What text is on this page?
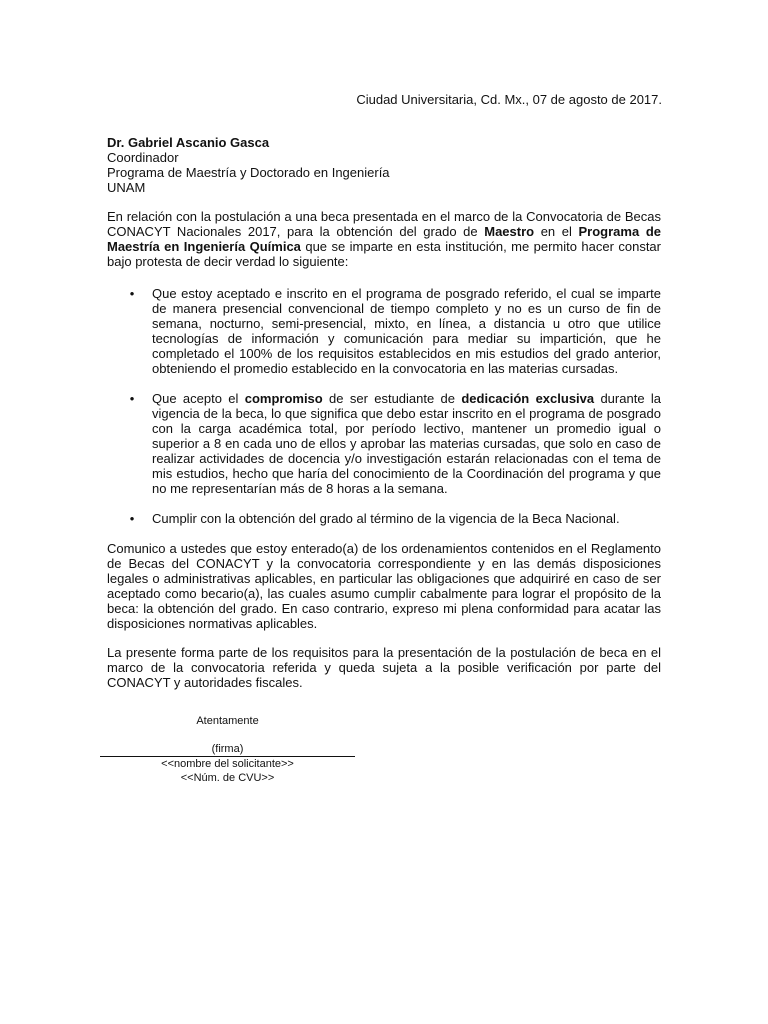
Ciudad Universitaria, Cd. Mx., 07 de agosto de 2017.
Dr. Gabriel Ascanio Gasca
Coordinador
Programa de Maestría y Doctorado en Ingeniería
UNAM
En relación con la postulación a una beca presentada en el marco de la Convocatoria de Becas CONACYT Nacionales 2017, para la obtención del grado de Maestro en el Programa de Maestría en Ingeniería Química que se imparte en esta institución, me permito hacer constar bajo protesta de decir verdad lo siguiente:
• Que estoy aceptado e inscrito en el programa de posgrado referido, el cual se imparte de manera presencial convencional de tiempo completo y no es un curso de fin de semana, nocturno, semi-presencial, mixto, en línea, a distancia u otro que utilice tecnologías de información y comunicación para mediar su impartición, que he completado el 100% de los requisitos establecidos en mis estudios del grado anterior, obteniendo el promedio establecido en la convocatoria en las materias cursadas.
• Que acepto el compromiso de ser estudiante de dedicación exclusiva durante la vigencia de la beca, lo que significa que debo estar inscrito en el programa de posgrado con la carga académica total, por período lectivo, mantener un promedio igual o superior a 8 en cada uno de ellos y aprobar las materias cursadas, que solo en caso de realizar actividades de docencia y/o investigación estarán relacionadas con el tema de mis estudios, hecho que haría del conocimiento de la Coordinación del programa y que no me representarían más de 8 horas a la semana.
• Cumplir con la obtención del grado al término de la vigencia de la Beca Nacional.
Comunico a ustedes que estoy enterado(a) de los ordenamientos contenidos en el Reglamento de Becas del CONACYT y la convocatoria correspondiente y en las demás disposiciones legales o administrativas aplicables, en particular las obligaciones que adquiriré en caso de ser aceptado como becario(a), las cuales asumo cumplir cabalmente para lograr el propósito de la beca: la obtención del grado. En caso contrario, expreso mi plena conformidad para acatar las disposiciones normativas aplicables.
La presente forma parte de los requisitos para la presentación de la postulación de beca en el marco de la convocatoria referida y queda sujeta a la posible verificación por parte del CONACYT y autoridades fiscales.
Atentamente
(firma)
<<nombre del solicitante>>
<<Núm. de CVU>>
